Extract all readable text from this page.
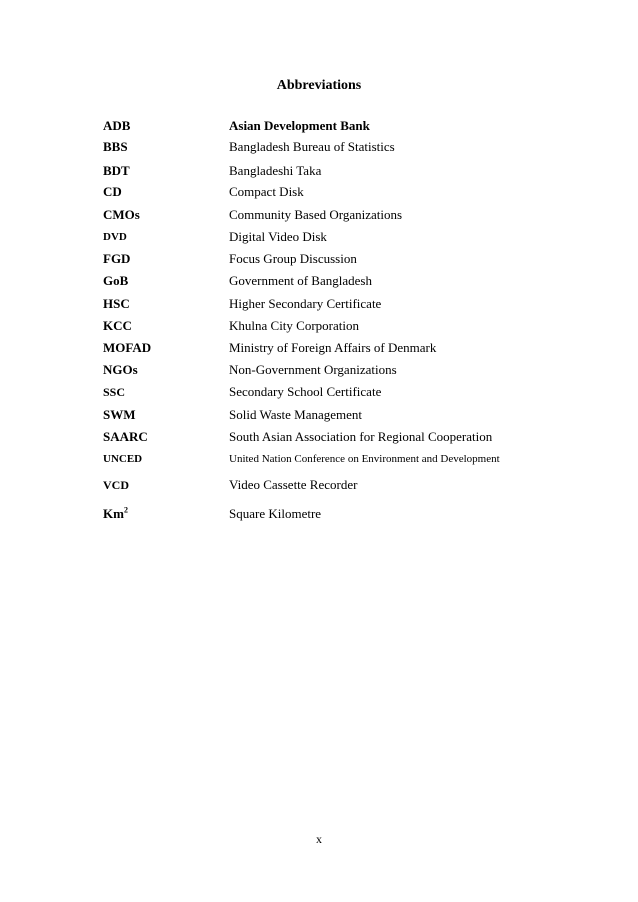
Abbreviations
ADB	Asian Development Bank
BBS	Bangladesh Bureau of Statistics
BDT	Bangladeshi Taka
CD	Compact Disk
CMOs	Community Based Organizations
DVD	Digital Video Disk
FGD	Focus Group Discussion
GoB	Government of Bangladesh
HSC	Higher Secondary Certificate
KCC	Khulna City Corporation
MOFAD	Ministry of Foreign Affairs of Denmark
NGOs	Non-Government Organizations
SSC	Secondary School Certificate
SWM	Solid Waste Management
SAARC	South Asian Association for Regional Cooperation
UNCED	United Nation Conference on Environment and Development
VCD	Video Cassette Recorder
Km$^2$	Square Kilometre
x
